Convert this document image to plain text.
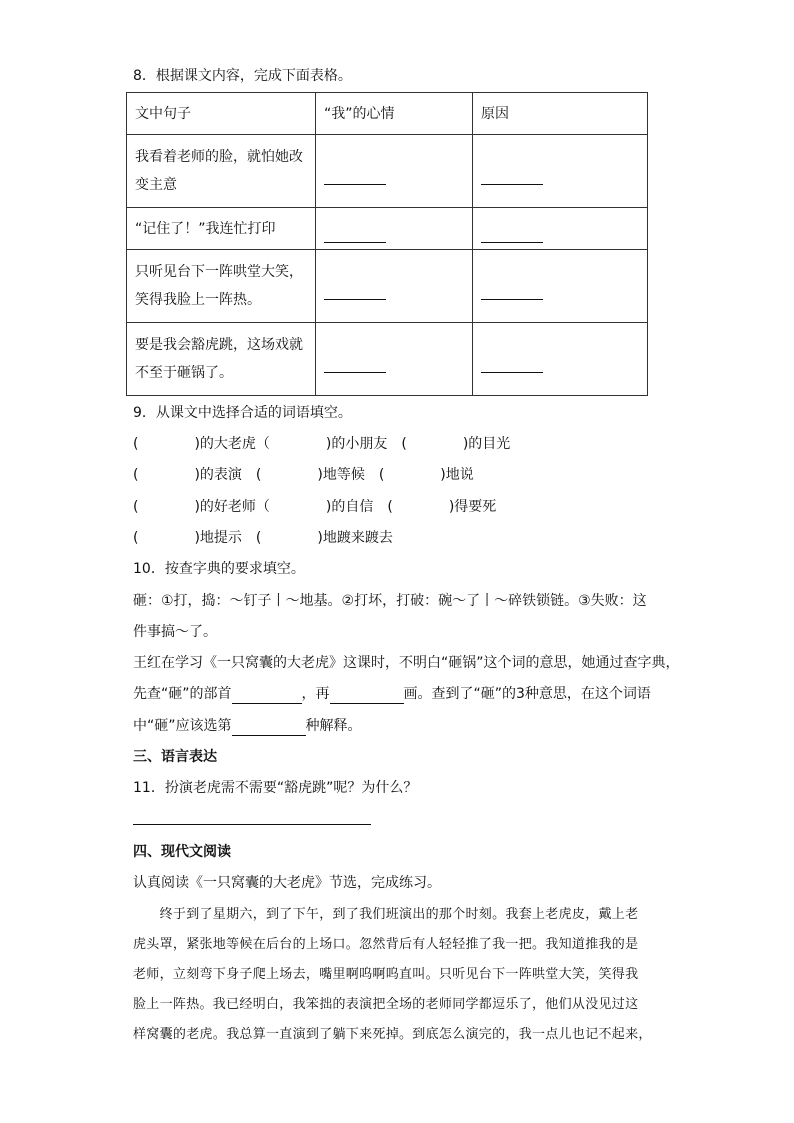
8．根据课文内容，完成下面表格。
文中句子	“我”的心情	原因

我看着老师的脸，就怕她改
变主意		

“记住了！”我连忙打印		

只听见台下一阵哄堂大笑，
笑得我脸上一阵热。		

要是我会豁虎跳，这场戏就
不至于砸锅了。		

9．从课文中选择合适的词语填空。
(　　　　)的大老虎（　　　　)的小朋友　(　　　　)的目光
(　　　　)的表演　(　　　　)地等候　(　　　　)地说
(　　　　)的好老师（　　　　)的自信　(　　　　)得要死
(　　　　)地提示　(　　　　)地踱来踱去
10．按查字典的要求填空。
砸：①打，捣：～钉子丨～地基。②打坏，打破：碗～了丨～碎铁锁链。③失败：这
件事搞～了。
王红在学习《一只窝囊的大老虎》这课时，不明白“砸锅”这个词的意思，她通过查字典，
先查“砸”的部首	，再	画。查到了“砸”的3种意思，在这个词语
中“砸”应该选第	种解释。
三、语言表达
11．扮演老虎需不需要“豁虎跳”呢？为什么？
四、现代文阅读
认真阅读《一只窝囊的大老虎》节选，完成练习。
　　终于到了星期六，到了下午，到了我们班演出的那个时刻。我套上老虎皮，戴上老
虎头罩，紧张地等候在后台的上场口。忽然背后有人轻轻推了我一把。我知道推我的是
老师，立刻弯下身子爬上场去，嘴里啊呜啊呜直叫。只听见台下一阵哄堂大笑，笑得我
脸上一阵热。我已经明白，我笨拙的表演把全场的老师同学都逗乐了，他们从没见过这
样窝囊的老虎。我总算一直演到了躺下来死掉。到底怎么演完的，我一点儿也记不起来，
